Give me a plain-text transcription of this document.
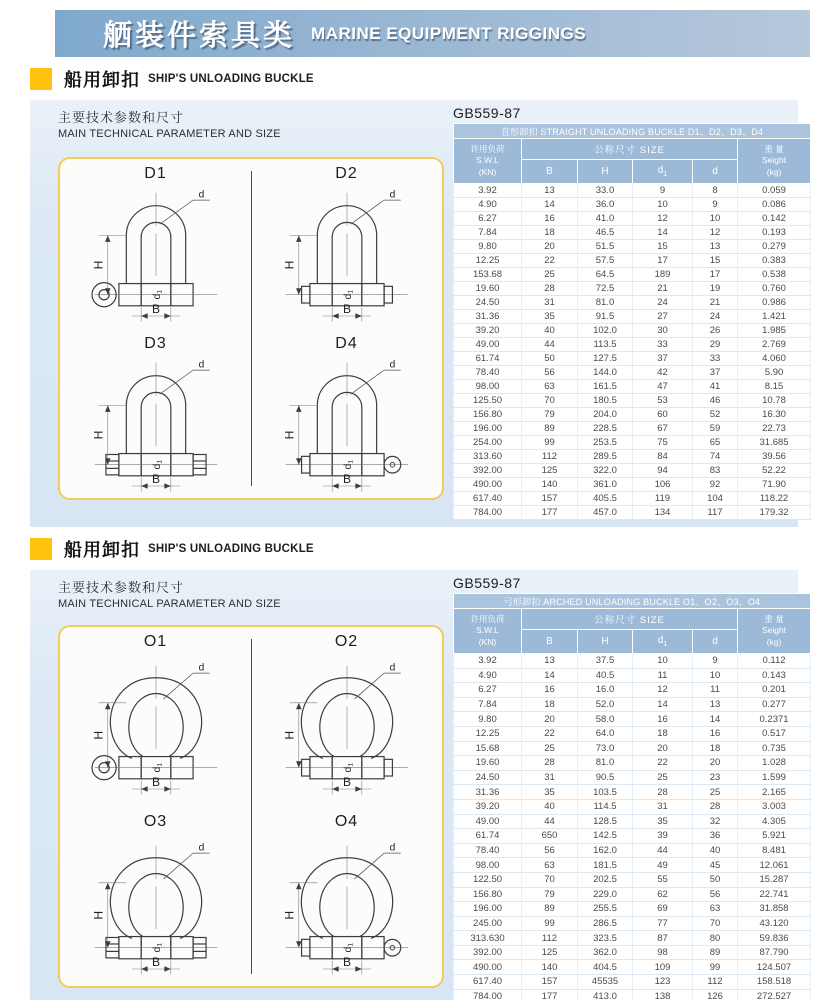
舾装件索具类 MARINE EQUIPMENT RIGGINGS
船用卸扣 SHIP'S UNLOADING BUCKLE
主要技术参数和尺寸
MAIN TECHNICAL PARAMETER AND SIZE
GB559-87
D1
H
B
d
$d_1$
D2
H
B
d
$d_1$
D3
H
B
d
$d_1$
D4
H
B
d
$d_1$
直形卸扣 STRAIGHT UNLOADING BUCKLE D1、D2、D3、D4					
许用负荷
S.W.L
(KN)	公称尺寸 SIZE				重 量
Seight
(kg)
	B	H	$d_1$	d	
3.92	13	33.0	9	8	0.059
4.90	14	36.0	10	9	0.086
6.27	16	41.0	12	10	0.142
7.84	18	46.5	14	12	0.193
9.80	20	51.5	15	13	0.279
12.25	22	57.5	17	15	0.383
153.68	25	64.5	189	17	0.538
19.60	28	72.5	21	19	0.760
24.50	31	81.0	24	21	0.986
31.36	35	91.5	27	24	1.421
39.20	40	102.0	30	26	1.985
49.00	44	113.5	33	29	2.769
61.74	50	127.5	37	33	4.060
78.40	56	144.0	42	37	5.90
98.00	63	161.5	47	41	8.15
125.50	70	180.5	53	46	10.78
156.80	79	204.0	60	52	16.30
196.00	89	228.5	67	59	22.73
254.00	99	253.5	75	65	31.685
313.60	112	289.5	84	74	39.56
392.00	125	322.0	94	83	52.22
490.00	140	361.0	106	92	71.90
617.40	157	405.5	119	104	118.22
784.00	177	457.0	134	117	179.32
船用卸扣 SHIP'S UNLOADING BUCKLE
主要技术参数和尺寸
MAIN TECHNICAL PARAMETER AND SIZE
GB559-87
O1
H
B
d
$d_1$
O2
H
B
d
$d_1$
O3
H
B
d
$d_1$
O4
H
B
d
$d_1$
弓形卸扣 ARCHED UNLOADING BUCKLE O1、O2、O3、O4					
许用负荷
S.W.L
(KN)	公称尺寸 SIZE				重 量
Seight
(kg)
	B	H	$d_1$	d	
3.92	13	37.5	10	9	0.112
4.90	14	40.5	11	10	0.143
6.27	16	16.0	12	11	0.201
7.84	18	52.0	14	13	0.277
9.80	20	58.0	16	14	0.2371
12.25	22	64.0	18	16	0.517
15.68	25	73.0	20	18	0.735
19.60	28	81.0	22	20	1.028
24.50	31	90.5	25	23	1.599
31.36	35	103.5	28	25	2.165
39.20	40	114.5	31	28	3.003
49.00	44	128.5	35	32	4.305
61.74	650	142.5	39	36	5.921
78.40	56	162.0	44	40	8.481
98.00	63	181.5	49	45	12.061
122.50	70	202.5	55	50	15.287
156.80	79	229.0	62	56	22.741
196.00	89	255.5	69	63	31.858
245.00	99	286.5	77	70	43.120
313.630	112	323.5	87	80	59.836
392.00	125	362.0	98	89	87.790
490.00	140	404.5	109	99	124.507
617.40	157	45535	123	112	158.518
784.00	177	413.0	138	126	272.527
